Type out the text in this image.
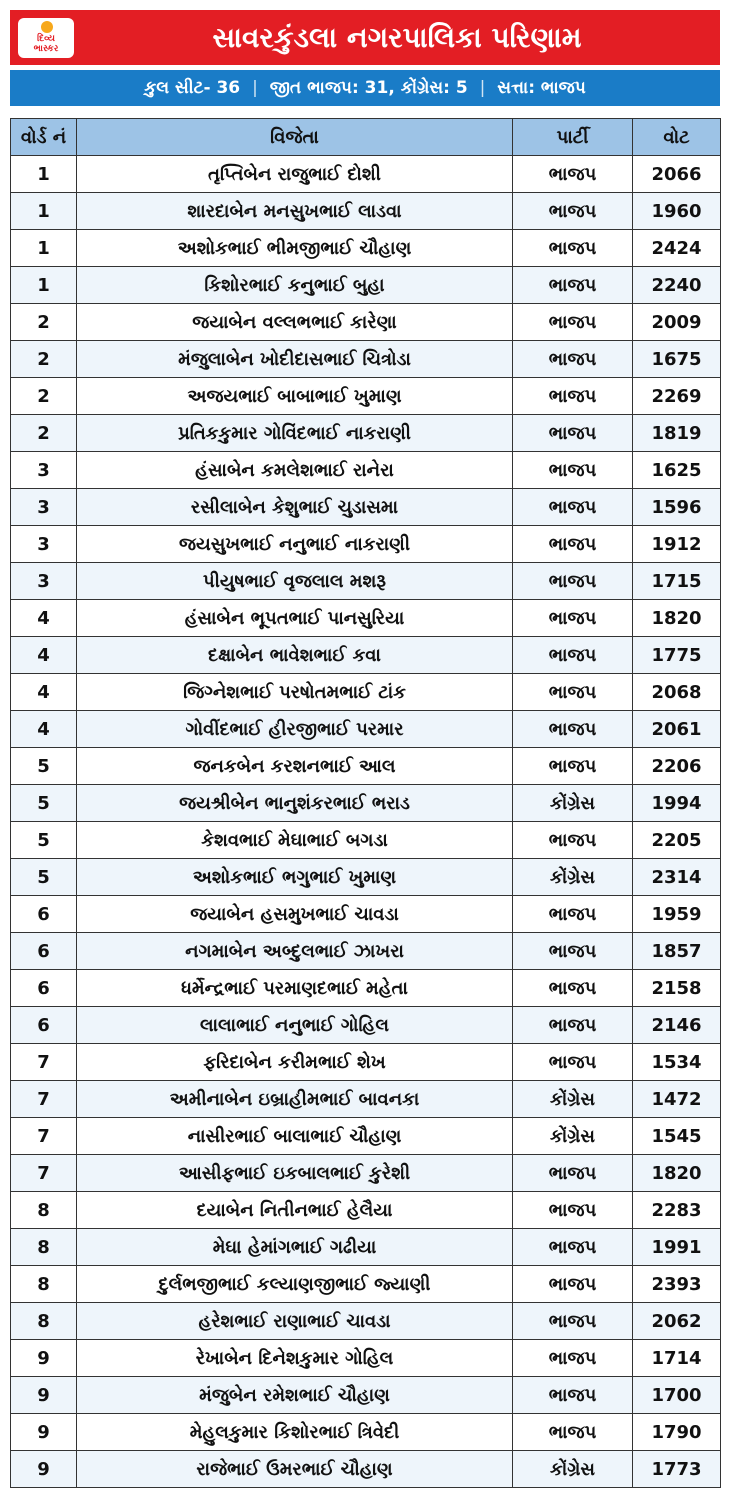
દિવ્ય
ભાસ્કર	સાવરકુંડલા નગરપાલિકા પરિણામ
કુલ સીટ- 36 | જીત ભાજપ: 31, કોંગ્રેસ: 5 | સત્તા: ભાજપ
વોર્ડ નં	વિજેતા	પાર્ટી	વોટ
1	તૃપ્તિબેન રાજુભાઈ દોશી	ભાજપ	2066
1	શારદાબેન મનસુખભાઈ લાડવા	ભાજપ	1960
1	અશોકભાઈ ભીમજીભાઈ ચૌહાણ	ભાજપ	2424
1	કિશોરભાઈ કનુભાઈ બુહા	ભાજપ	2240
2	જયાબેન વલ્લભભાઈ કારેણા	ભાજપ	2009
2	મંજુલાબેન ખોદીદાસભાઈ ચિત્રોડા	ભાજપ	1675
2	અજયભાઈ બાબાભાઈ ખુમાણ	ભાજપ	2269
2	પ્રતિકકુમાર ગોવિંદભાઈ નાકરાણી	ભાજપ	1819
3	હંસાબેન કમલેશભાઈ રાનેરા	ભાજપ	1625
3	રસીલાબેન કેશુભાઈ ચુડાસમા	ભાજપ	1596
3	જયસુખભાઈ નનુભાઈ નાકરાણી	ભાજપ	1912
3	પીયુષભાઈ વૃજલાલ મશરૂ	ભાજપ	1715
4	હંસાબેન ભૂપતભાઈ પાનસુરિયા	ભાજપ	1820
4	દક્ષાબેન ભાવેશભાઈ કવા	ભાજપ	1775
4	જિગ્નેશભાઈ પરષોતમભાઈ ટાંક	ભાજપ	2068
4	ગોવીંદભાઈ હીરજીભાઈ પરમાર	ભાજપ	2061
5	જનકબેન કરશનભાઈ આલ	ભાજપ	2206
5	જયશ્રીબેન ભાનુશંકરભાઈ ભરાડ	કોંગ્રેસ	1994
5	કેશવભાઈ મેઘાભાઈ બગડા	ભાજપ	2205
5	અશોકભાઈ ભગુભાઈ ખુમાણ	કોંગ્રેસ	2314
6	જયાબેન હસમુખભાઈ ચાવડા	ભાજપ	1959
6	નગમાબેન અબ્દુલભાઈ ઝાખરા	ભાજપ	1857
6	ધર્મેન્દ્રભાઈ પરમાણદભાઈ મહેતા	ભાજપ	2158
6	લાલાભાઈ નનુભાઈ ગોહિલ	ભાજપ	2146
7	ફરિદાબેન કરીમભાઈ શેખ	ભાજપ	1534
7	અમીનાબેન ઇબ્રાહીમભાઈ બાવનકા	કોંગ્રેસ	1472
7	નાસીરભાઈ બાલાભાઈ ચૌહાણ	કોંગ્રેસ	1545
7	આસીફભાઈ ઇકબાલભાઈ કુરેશી	ભાજપ	1820
8	દયાબેન નિતીનભાઈ હેલૈયા	ભાજપ	2283
8	મેઘા હેમાંગભાઈ ગઢીયા	ભાજપ	1991
8	દુર્લભજીભાઈ કલ્યાણજીભાઈ જ્યાણી	ભાજપ	2393
8	હરેશભાઈ રાણાભાઈ ચાવડા	ભાજપ	2062
9	રેખાબેન દિનેશકુમાર ગોહિલ	ભાજપ	1714
9	મંજુબેન રમેશભાઈ ચૌહાણ	ભાજપ	1700
9	મેહુલકુમાર કિશોરભાઈ ત્રિવેદી	ભાજપ	1790
9	રાજેભાઈ ઉમરભાઈ ચૌહાણ	કોંગ્રેસ	1773
